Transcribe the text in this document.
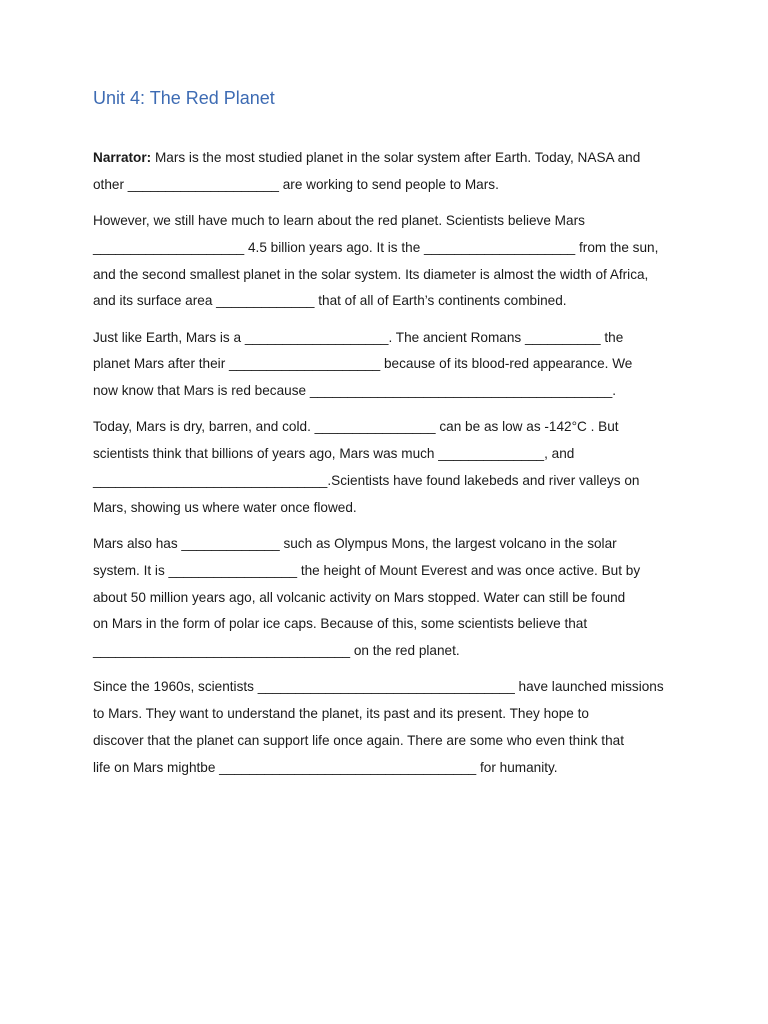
Unit 4: The Red Planet

Narrator: Mars is the most studied planet in the solar system after Earth. Today, NASA and
other ____________________ are working to send people to Mars.

However, we still have much to learn about the red planet. Scientists believe Mars
____________________ 4.5 billion years ago. It is the ____________________ from the sun,
and the second smallest planet in the solar system. Its diameter is almost the width of Africa,
and its surface area _____________ that of all of Earth’s continents combined.

Just like Earth, Mars is a ___________________. The ancient Romans __________ the
planet Mars after their ____________________ because of its blood-red appearance. We
now know that Mars is red because ________________________________________.

Today, Mars is dry, barren, and cold. ________________ can be as low as -142°C . But
scientists think that billions of years ago, Mars was much ______________, and
_______________________________.Scientists have found lakebeds and river valleys on
Mars, showing us where water once flowed.

Mars also has _____________ such as Olympus Mons, the largest volcano in the solar
system. It is _________________ the height of Mount Everest and was once active. But by
about 50 million years ago, all volcanic activity on Mars stopped. Water can still be found
on Mars in the form of polar ice caps. Because of this, some scientists believe that
__________________________________ on the red planet.

Since the 1960s, scientists __________________________________ have launched missions
to Mars. They want to understand the planet, its past and its present. They hope to
discover that the planet can support life once again. There are some who even think that
life on Mars mightbe __________________________________ for humanity.
